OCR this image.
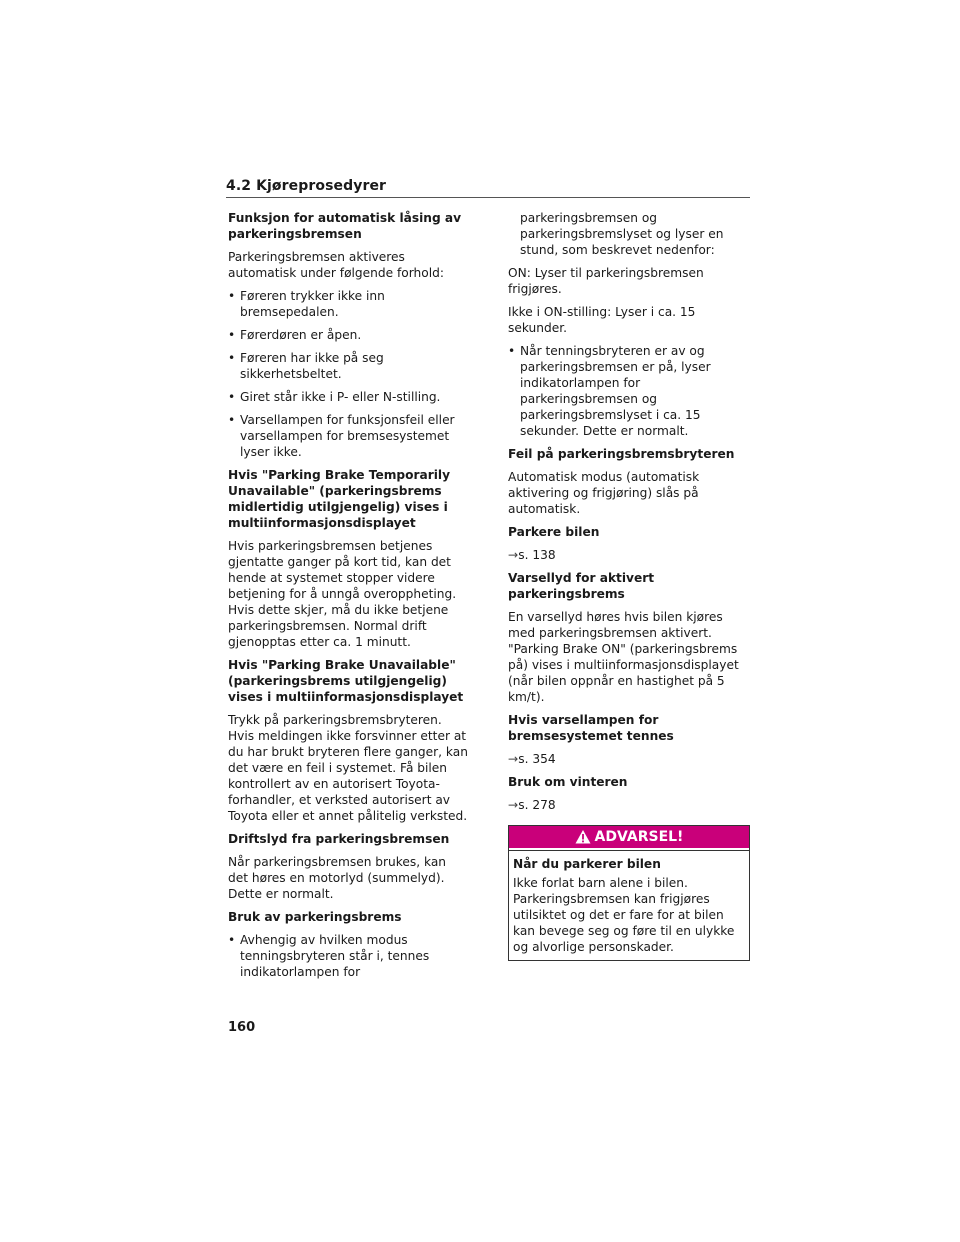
4.2 Kjøreprosedyrer
Funksjon for automatisk låsing av parkeringsbremsen
Parkeringsbremsen aktiveres automatisk under følgende forhold:
• Føreren trykker ikke inn bremsepedalen.
• Førerdøren er åpen.
• Føreren har ikke på seg sikkerhetsbeltet.
• Giret står ikke i P- eller N-stilling.
• Varsellampen for funksjonsfeil eller varsellampen for bremsesystemet lyser ikke.
Hvis "Parking Brake Temporarily Unavailable" (parkeringsbrems midlertidig utilgjengelig) vises i multiinformasjonsdisplayet
Hvis parkeringsbremsen betjenes gjentatte ganger på kort tid, kan det hende at systemet stopper videre betjening for å unngå overoppheting. Hvis dette skjer, må du ikke betjene parkeringsbremsen. Normal drift gjenopptas etter ca. 1 minutt.
Hvis "Parking Brake Unavailable" (parkeringsbrems utilgjengelig) vises i multiinformasjonsdisplayet
Trykk på parkeringsbremsbryteren. Hvis meldingen ikke forsvinner etter at du har brukt bryteren flere ganger, kan det være en feil i systemet. Få bilen kontrollert av en autorisert Toyota-forhandler, et verksted autorisert av Toyota eller et annet pålitelig verksted.
Driftslyd fra parkeringsbremsen
Når parkeringsbremsen brukes, kan det høres en motorlyd (summelyd). Dette er normalt.
Bruk av parkeringsbrems
• Avhengig av hvilken modus tenningsbryteren står i, tennes indikatorlampen for
parkeringsbremsen og parkeringsbremslyset og lyser en stund, som beskrevet nedenfor:
ON: Lyser til parkeringsbremsen frigjøres.
Ikke i ON-stilling: Lyser i ca. 15 sekunder.
• Når tenningsbryteren er av og parkeringsbremsen er på, lyser indikatorlampen for parkeringsbremsen og parkeringsbremslyset i ca. 15 sekunder. Dette er normalt.
Feil på parkeringsbremsbryteren
Automatisk modus (automatisk aktivering og frigjøring) slås på automatisk.
Parkere bilen
→s. 138
Varsellyd for aktivert parkeringsbrems
En varsellyd høres hvis bilen kjøres med parkeringsbremsen aktivert. "Parking Brake ON" (parkeringsbrems på) vises i multiinformasjonsdisplayet (når bilen oppnår en hastighet på 5 km/t).
Hvis varsellampen for bremsesystemet tennes
→s. 354
Bruk om vinteren
→s. 278
ADVARSEL!
Når du parkerer bilen
Ikke forlat barn alene i bilen. Parkeringsbremsen kan frigjøres utilsiktet og det er fare for at bilen kan bevege seg og føre til en ulykke og alvorlige personskader.
160
